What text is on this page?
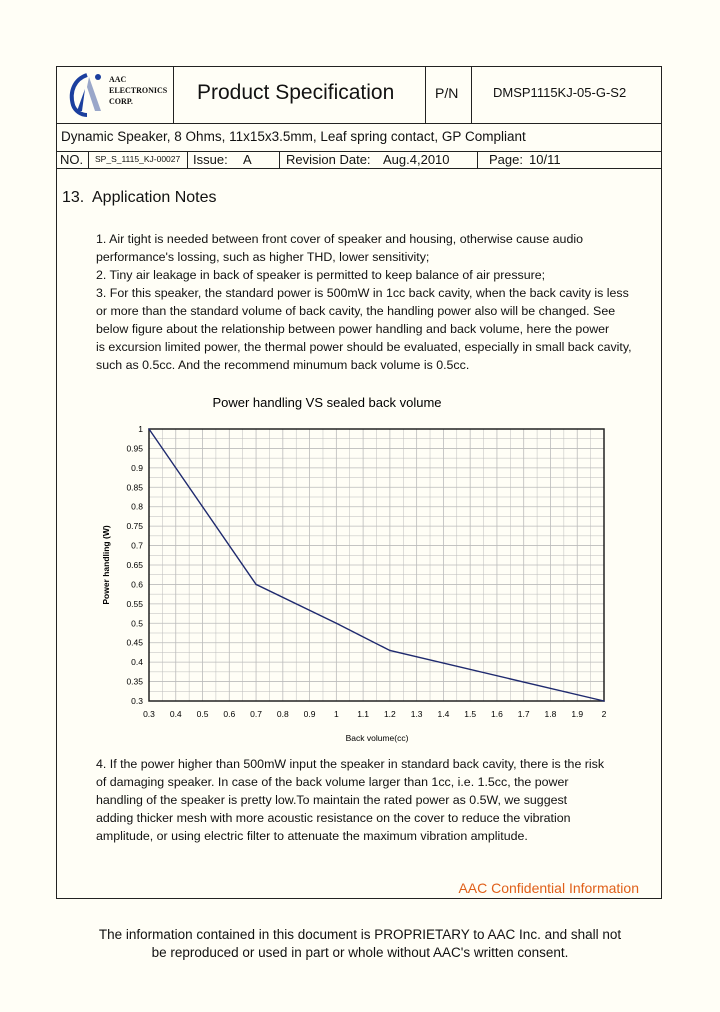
AAC
ELECTRONICS
CORP.	Product Specification	P/N	DMSP1115KJ-05-G-S2
Dynamic Speaker, 8 Ohms, 11x15x3.5mm, Leaf spring contact, GP Compliant
NO. SP_S_1115_KJ-00027 Issue: A	Revision Date: Aug.4,2010	Page: 10/11
13. Application Notes
1. Air tight is needed between front cover of speaker and housing, otherwise cause audio
performance's lossing, such as higher THD, lower sensitivity;
2. Tiny air leakage in back of speaker is permitted to keep balance of air pressure;
3. For this speaker, the standard power is 500mW in 1cc back cavity, when the back cavity is less
or more than the standard volume of back cavity, the handling power also will be changed. See
below figure about the relationship between power handling and back volume, here the power
is excursion limited power, the thermal power should be evaluated, especially in small back cavity,
such as 0.5cc. And the recommend minumum back volume is 0.5cc.
4. If the power higher than 500mW input the speaker in standard back cavity, there is the risk
of damaging speaker. In case of the back volume larger than 1cc, i.e. 1.5cc, the power
handling of the speaker is pretty low.To maintain the rated power as 0.5W, we suggest
adding thicker mesh with more acoustic resistance on the cover to reduce the vibration
amplitude, or using electric filter to attenuate the maximum vibration amplitude.
AAC Confidential Information
Power handling VS sealed back volume
0.3 0.4 0.5 0.6 0.7 0.8 0.9 1 1.1 1.2 1.3 1.4 1.5 1.6 1.7 1.8 1.9 2
0.3
0.35
0.4
0.45
0.5
0.55
0.6
0.65
0.7
0.75
0.8
0.85
0.9
0.95
1
Back volume(cc)
Power handling (W)
The information contained in this document is PROPRIETARY to AAC Inc. and shall not
be reproduced or used in part or whole without AAC's written consent.
